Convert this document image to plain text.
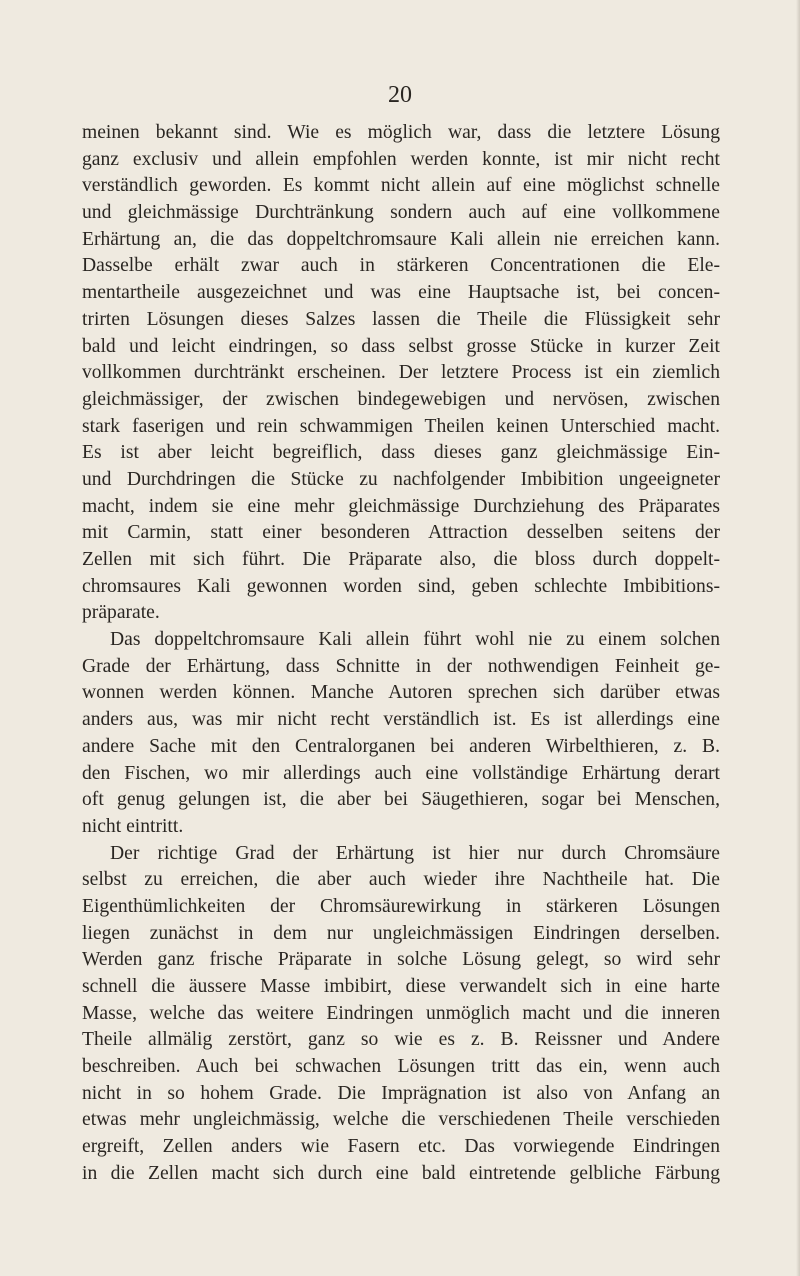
20
meinen bekannt sind. Wie es möglich war, dass die letztere Lösung
ganz exclusiv und allein empfohlen werden konnte, ist mir nicht recht
verständlich geworden. Es kommt nicht allein auf eine möglichst schnelle
und gleichmässige Durchtränkung sondern auch auf eine vollkommene
Erhärtung an, die das doppeltchromsaure Kali allein nie erreichen kann.
Dasselbe erhält zwar auch in stärkeren Concentrationen die Ele-
mentartheile ausgezeichnet und was eine Hauptsache ist, bei concen-
trirten Lösungen dieses Salzes lassen die Theile die Flüssigkeit sehr
bald und leicht eindringen, so dass selbst grosse Stücke in kurzer Zeit
vollkommen durchtränkt erscheinen. Der letztere Process ist ein ziemlich
gleichmässiger, der zwischen bindegewebigen und nervösen, zwischen
stark faserigen und rein schwammigen Theilen keinen Unterschied macht.
Es ist aber leicht begreiflich, dass dieses ganz gleichmässige Ein-
und Durchdringen die Stücke zu nachfolgender Imbibition ungeeigneter
macht, indem sie eine mehr gleichmässige Durchziehung des Präparates
mit Carmin, statt einer besonderen Attraction desselben seitens der
Zellen mit sich führt. Die Präparate also, die bloss durch doppelt-
chromsaures Kali gewonnen worden sind, geben schlechte Imbibitions-
präparate.
Das doppeltchromsaure Kali allein führt wohl nie zu einem solchen
Grade der Erhärtung, dass Schnitte in der nothwendigen Feinheit ge-
wonnen werden können. Manche Autoren sprechen sich darüber etwas
anders aus, was mir nicht recht verständlich ist. Es ist allerdings eine
andere Sache mit den Centralorganen bei anderen Wirbelthieren, z. B.
den Fischen, wo mir allerdings auch eine vollständige Erhärtung derart
oft genug gelungen ist, die aber bei Säugethieren, sogar bei Menschen,
nicht eintritt.
Der richtige Grad der Erhärtung ist hier nur durch Chromsäure
selbst zu erreichen, die aber auch wieder ihre Nachtheile hat. Die
Eigenthümlichkeiten der Chromsäurewirkung in stärkeren Lösungen
liegen zunächst in dem nur ungleichmässigen Eindringen derselben.
Werden ganz frische Präparate in solche Lösung gelegt, so wird sehr
schnell die äussere Masse imbibirt, diese verwandelt sich in eine harte
Masse, welche das weitere Eindringen unmöglich macht und die inneren
Theile allmälig zerstört, ganz so wie es z. B. Reissner und Andere
beschreiben. Auch bei schwachen Lösungen tritt das ein, wenn auch
nicht in so hohem Grade. Die Imprägnation ist also von Anfang an
etwas mehr ungleichmässig, welche die verschiedenen Theile verschieden
ergreift, Zellen anders wie Fasern etc. Das vorwiegende Eindringen
in die Zellen macht sich durch eine bald eintretende gelbliche Färbung
